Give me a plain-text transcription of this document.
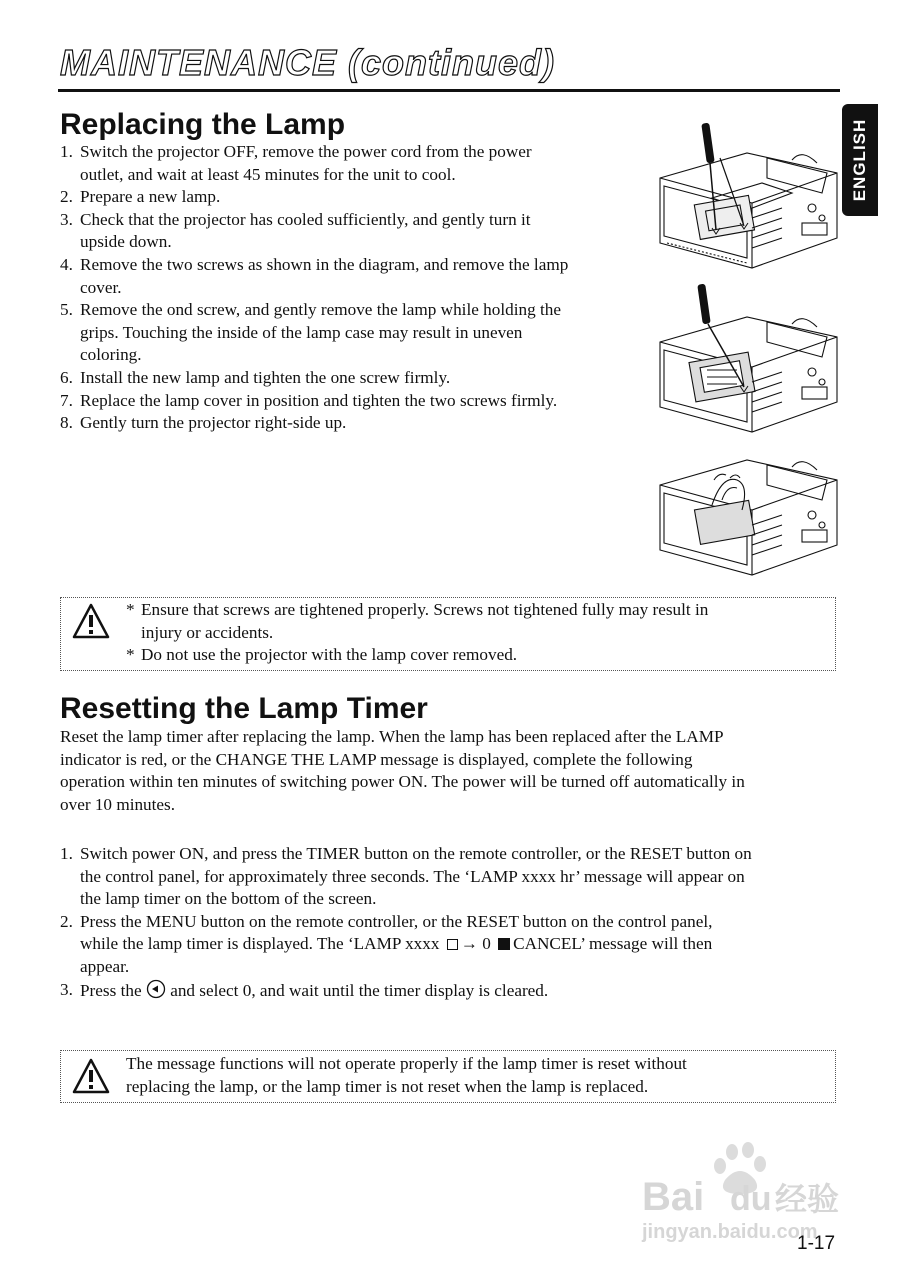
MAINTENANCE (continued)
ENGLISH
Replacing the Lamp
1. Switch the projector OFF, remove the power cord from the power
outlet, and wait at least 45 minutes for the unit to cool.
2. Prepare a new lamp.
3. Check that the projector has cooled sufficiently, and gently turn it
upside down.
4. Remove the two screws as shown in the diagram, and remove the lamp
cover.
5. Remove the ond screw, and gently remove the lamp while holding the
grips. Touching the inside of the lamp case may result in uneven
coloring.
6. Install the new lamp and tighten the one screw firmly.
7. Replace the lamp cover in position and tighten the two screws firmly.
8. Gently turn the projector right-side up.
* Ensure that screws are tightened properly. Screws not tightened fully may result in
injury or accidents.
* Do not use the projector with the lamp cover removed.
Resetting the Lamp Timer

Reset the lamp timer after replacing the lamp. When the lamp has been replaced after the LAMP
indicator is red, or the CHANGE THE LAMP message is displayed, complete the following
operation within ten minutes of switching power ON. The power will be turned off automatically in
over 10 minutes.

1. Switch power ON, and press the TIMER button on the remote controller, or the RESET button on
the control panel, for approximately three seconds. The ‘LAMP xxxx hr’ message will appear on
the lamp timer on the bottom of the screen.
2. Press the MENU button on the remote controller, or the RESET button on the control panel,
while the lamp timer is displayed. The ‘LAMP xxxx → 0 CANCEL’ message will then
appear.
3. Press the and select 0, and wait until the timer display is cleared.
The message functions will not operate properly if the lamp timer is reset without
replacing the lamp, or the lamp timer is not reset when the lamp is replaced.
Bai du 经验
jingyan.baidu.com
1-17
